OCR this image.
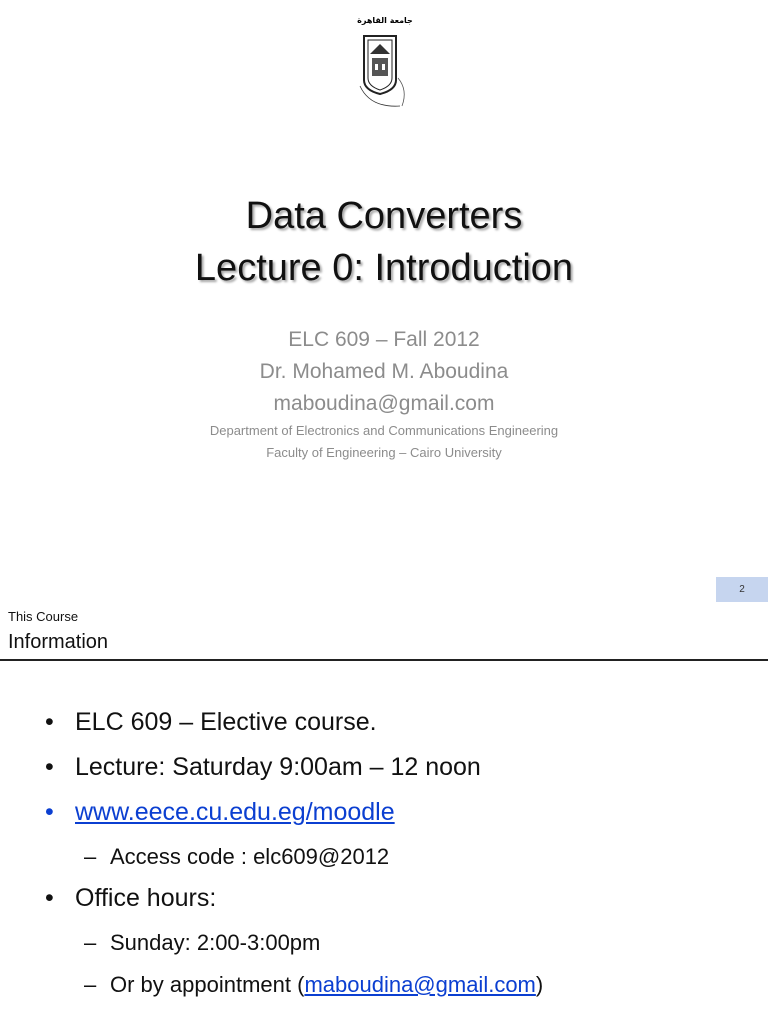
جامعة القاهرة
Data Converters
Lecture 0: Introduction
ELC 609 – Fall 2012
Dr. Mohamed M. Aboudina
maboudina@gmail.com
Department of Electronics and Communications Engineering
Faculty of Engineering – Cairo University
2
This Course
Information
• ELC 609 – Elective course.
• Lecture: Saturday 9:00am – 12 noon
• www.eece.cu.edu.eg/moodle
– Access code : elc609@2012
• Office hours:
– Sunday: 2:00-3:00pm
– Or by appointment (maboudina@gmail.com)
